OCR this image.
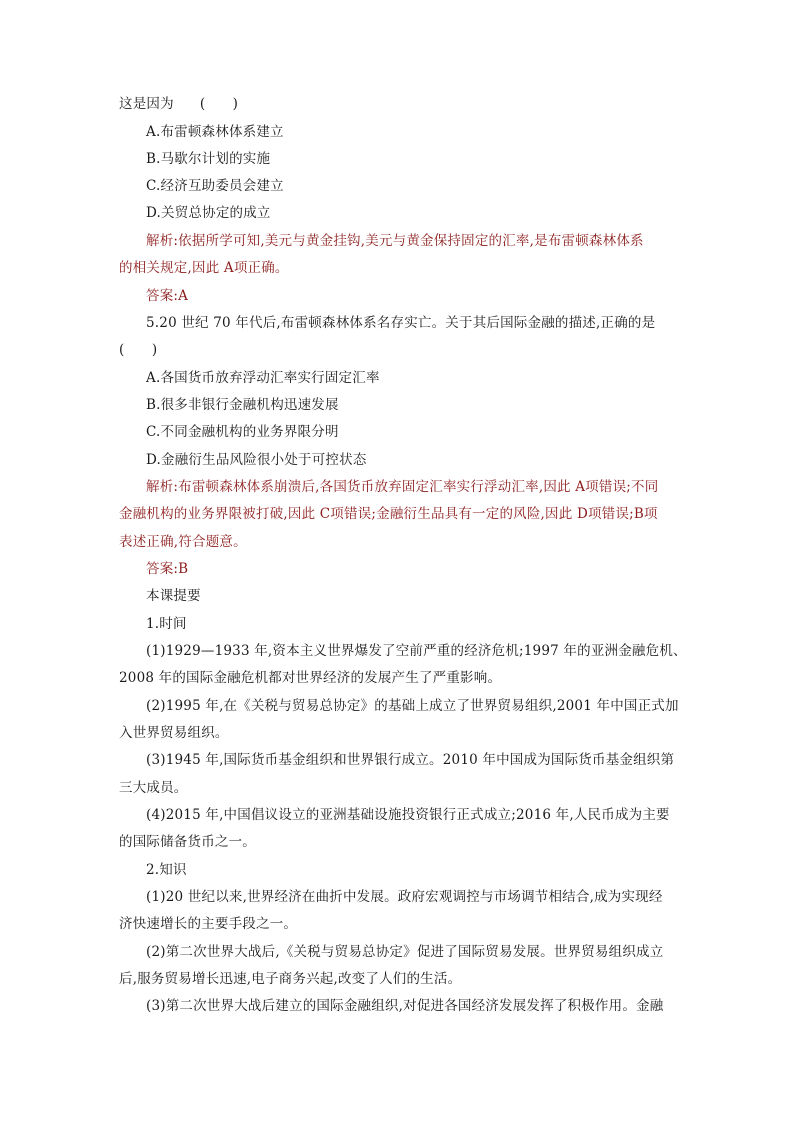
这是因为 (　　)
A.布雷顿森林体系建立
B.马歇尔计划的实施
C.经济互助委员会建立
D.关贸总协定的成立
解析:依据所学可知,美元与黄金挂钩,美元与黄金保持固定的汇率,是布雷顿森林体系
的相关规定,因此 A项正确。
答案:A
5.20 世纪 70 年代后,布雷顿森林体系名存实亡。关于其后国际金融的描述,正确的是
(　　)
A.各国货币放弃浮动汇率实行固定汇率
B.很多非银行金融机构迅速发展
C.不同金融机构的业务界限分明
D.金融衍生品风险很小处于可控状态
解析:布雷顿森林体系崩溃后,各国货币放弃固定汇率实行浮动汇率,因此 A项错误;不同
金融机构的业务界限被打破,因此 C项错误;金融衍生品具有一定的风险,因此 D项错误;B项
表述正确,符合题意。
答案:B
本课提要
1.时间
(1)1929—1933 年,资本主义世界爆发了空前严重的经济危机;1997 年的亚洲金融危机、
2008 年的国际金融危机都对世界经济的发展产生了严重影响。
(2)1995 年,在《关税与贸易总协定》的基础上成立了世界贸易组织,2001 年中国正式加
入世界贸易组织。
(3)1945 年,国际货币基金组织和世界银行成立。2010 年中国成为国际货币基金组织第
三大成员。
(4)2015 年,中国倡议设立的亚洲基础设施投资银行正式成立;2016 年,人民币成为主要
的国际储备货币之一。
2.知识
(1)20 世纪以来,世界经济在曲折中发展。政府宏观调控与市场调节相结合,成为实现经
济快速增长的主要手段之一。
(2)第二次世界大战后,《关税与贸易总协定》促进了国际贸易发展。世界贸易组织成立
后,服务贸易增长迅速,电子商务兴起,改变了人们的生活。
(3)第二次世界大战后建立的国际金融组织,对促进各国经济发展发挥了积极作用。金融
